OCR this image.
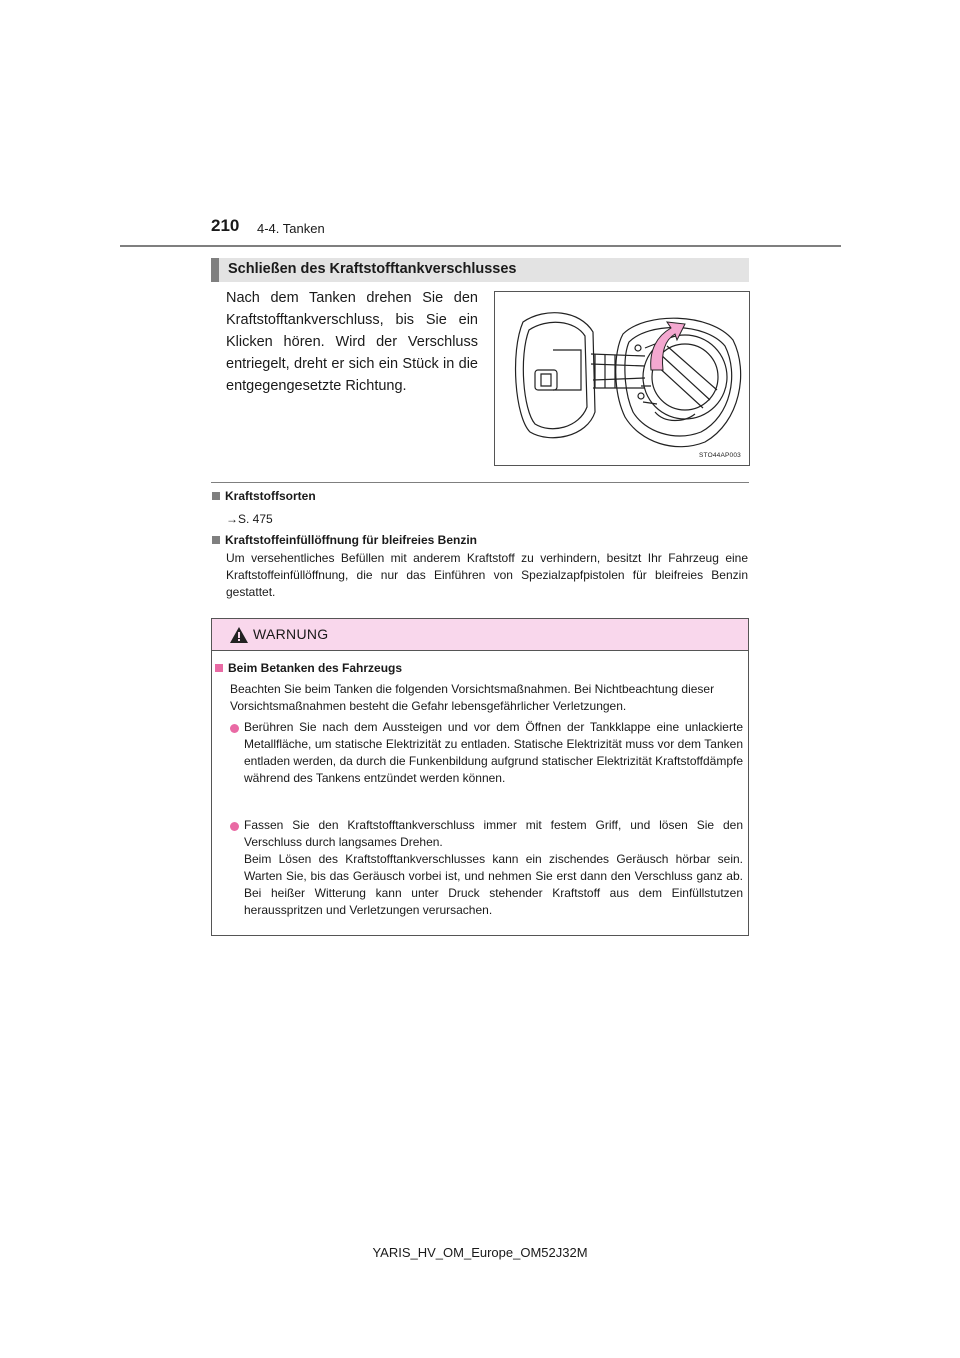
210 4-4. Tanken
Schließen des Kraftstofftankverschlusses
Nach dem Tanken drehen Sie den Kraftstofftankverschluss, bis Sie ein Klicken hören. Wird der Verschluss entriegelt, dreht er sich ein Stück in die entgegengesetzte Richtung.
STO44AP003
Kraftstoffsorten
→S. 475
Kraftstoffeinfüllöffnung für bleifreies Benzin
Um versehentliches Befüllen mit anderem Kraftstoff zu verhindern, besitzt Ihr Fahrzeug eine Kraftstoffeinfüllöffnung, die nur das Einführen von Spezialzapfpistolen für bleifreies Benzin gestattet.
WARNUNG
Beim Betanken des Fahrzeugs
Beachten Sie beim Tanken die folgenden Vorsichtsmaßnahmen. Bei Nichtbeachtung dieser Vorsichtsmaßnahmen besteht die Gefahr lebensgefährlicher Verletzungen.
Berühren Sie nach dem Aussteigen und vor dem Öffnen der Tankklappe eine unlackierte Metallfläche, um statische Elektrizität zu entladen. Statische Elektrizität muss vor dem Tanken entladen werden, da durch die Funkenbildung aufgrund statischer Elektrizität Kraftstoffdämpfe während des Tankens entzündet werden können.
Fassen Sie den Kraftstofftankverschluss immer mit festem Griff, und lösen Sie den Verschluss durch langsames Drehen.
Beim Lösen des Kraftstofftankverschlusses kann ein zischendes Geräusch hörbar sein. Warten Sie, bis das Geräusch vorbei ist, und nehmen Sie erst dann den Verschluss ganz ab. Bei heißer Witterung kann unter Druck stehender Kraftstoff aus dem Einfüllstutzen herausspritzen und Verletzungen verursachen.
YARIS_HV_OM_Europe_OM52J32M
